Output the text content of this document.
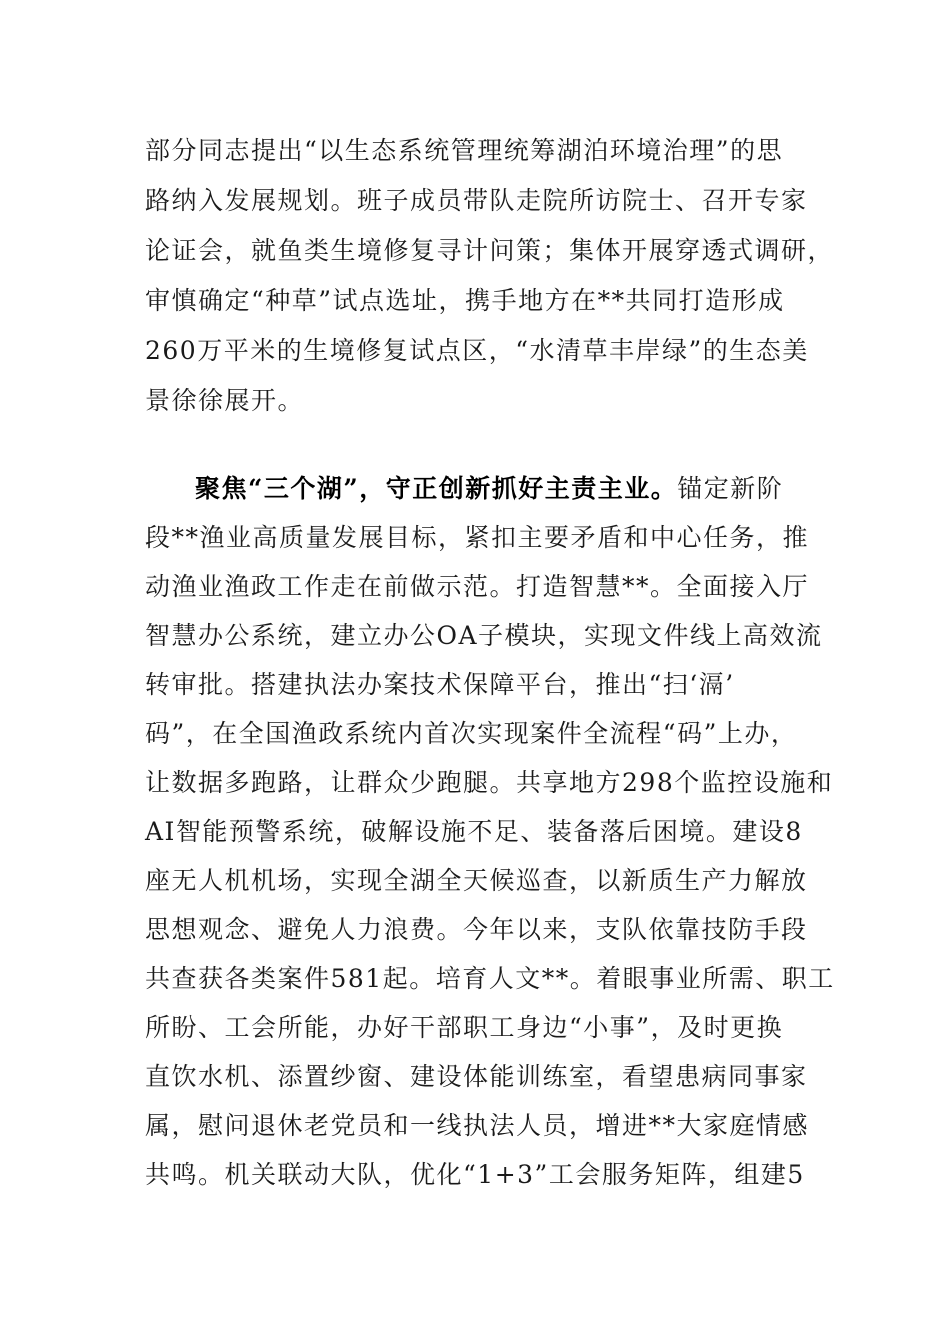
部分同志提出“以生态系统管理统筹湖泊环境治理”的思
路纳入发展规划。班子成员带队走院所访院士、召开专家
论证会，就鱼类生境修复寻计问策；集体开展穿透式调研，
审慎确定“种草”试点选址，携手地方在**共同打造形成
260万平米的生境修复试点区，“水清草丰岸绿”的生态美
景徐徐展开。
聚焦“三个湖”，守正创新抓好主责主业。锚定新阶
段**渔业高质量发展目标，紧扣主要矛盾和中心任务，推
动渔业渔政工作走在前做示范。打造智慧**。全面接入厅
智慧办公系统，建立办公OA子模块，实现文件线上高效流
转审批。搭建执法办案技术保障平台，推出“扫‘滆’
码”，在全国渔政系统内首次实现案件全流程“码”上办，
让数据多跑路，让群众少跑腿。共享地方298个监控设施和
AI智能预警系统，破解设施不足、装备落后困境。建设8
座无人机机场，实现全湖全天候巡查，以新质生产力解放
思想观念、避免人力浪费。今年以来，支队依靠技防手段
共查获各类案件581起。培育人文**。着眼事业所需、职工
所盼、工会所能，办好干部职工身边“小事”，及时更换
直饮水机、添置纱窗、建设体能训练室，看望患病同事家
属，慰问退休老党员和一线执法人员，增进**大家庭情感
共鸣。机关联动大队，优化“1+3”工会服务矩阵，组建5
